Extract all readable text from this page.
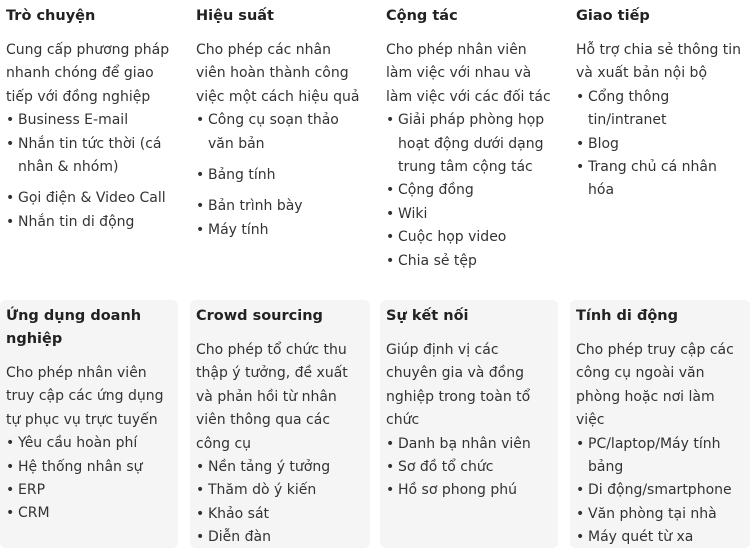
Trò chuyện

Cung cấp phương pháp nhanh chóng để giao tiếp với đồng nghiệp

• Business E-mail
• Nhắn tin tức thời (cá nhân & nhóm)
• Gọi điện & Video Call
• Nhắn tin di động
Hiệu suất

Cho phép các nhân viên hoàn thành công việc một cách hiệu quả

• Công cụ soạn thảo văn bản
• Bảng tính
• Bản trình bày
• Máy tính
Cộng tác

Cho phép nhân viên làm việc với nhau và làm việc với các đối tác

• Giải pháp phòng họp hoạt động dưới dạng trung tâm cộng tác
• Cộng đồng
• Wiki
• Cuộc họp video
• Chia sẻ tệp
Giao tiếp

Hỗ trợ chia sẻ thông tin và xuất bản nội bộ

• Cổng thông tin/intranet
• Blog
• Trang chủ cá nhân hóa
Ứng dụng doanh nghiệp

Cho phép nhân viên truy cập các ứng dụng tự phục vụ trực tuyến

• Yêu cầu hoàn phí
• Hệ thống nhân sự
• ERP
• CRM
Crowd sourcing

Cho phép tổ chức thu thập ý tưởng, đề xuất và phản hồi từ nhân viên thông qua các công cụ

• Nền tảng ý tưởng
• Thăm dò ý kiến
• Khảo sát
• Diễn đàn
Sự kết nối

Giúp định vị các chuyên gia và đồng nghiệp trong toàn tổ chức

• Danh bạ nhân viên
• Sơ đồ tổ chức
• Hồ sơ phong phú
Tính di động

Cho phép truy cập các công cụ ngoài văn phòng hoặc nơi làm việc

• PC/laptop/Máy tính bảng
• Di động/smartphone
• Văn phòng tại nhà
• Máy quét từ xa
